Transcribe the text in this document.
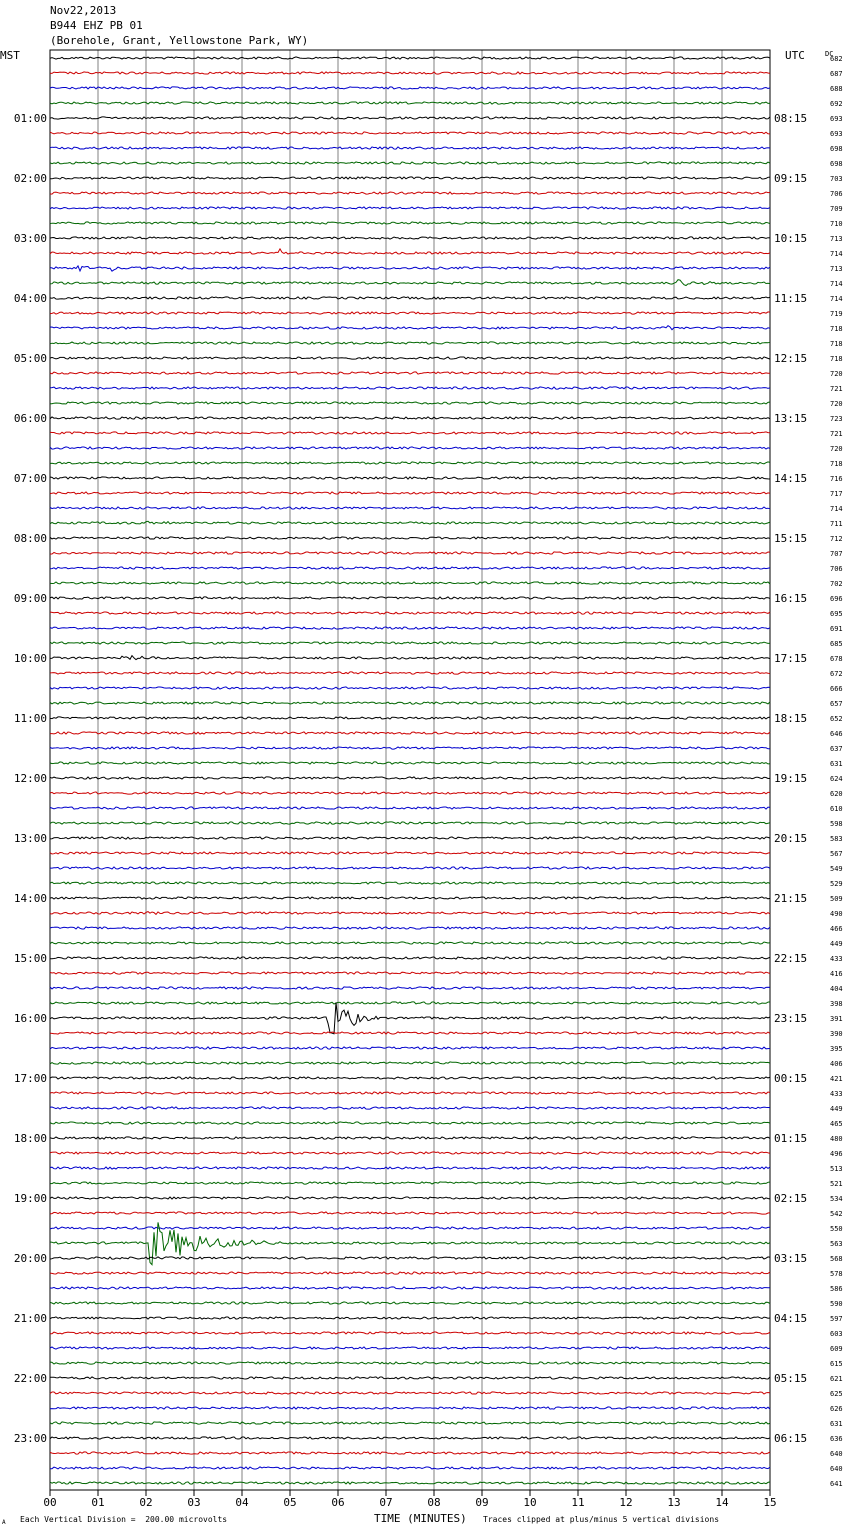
Nov22,2013
B944 EHZ PB 01
(Borehole, Grant, Yellowstone Park, WY)
MST	UTC	DC
00	01	02	03	04	05	06	07	08	09	10	11	12	13	14	15
682
687
688
692
693
693
698
698
703
706
709
710
713
714
713
714
714
719
718
718
718
720
721
720
723
721
720
718
716
717
714
711
712
707
706
702
696
695
691
685
678
672
666
657
652
646
637
631
624
620
610
598
583
567
549
529
509
490
466
449
433
416
404
398
391
390
395
406
421
433
449
465
480
496
513
521
534
542
550
563
568
578
586
590
597
603
609
615
621
625
626
631
636
640
640
641
01:00
02:00
03:00
04:00
05:00
06:00
07:00
08:00
09:00
10:00
11:00
12:00
13:00
14:00
15:00
16:00
17:00
18:00
19:00
20:00
21:00
22:00
23:00
08:15
09:15
10:15
11:15
12:15
13:15
14:15
15:15
16:15
17:15
18:15
19:15
20:15
21:15
22:15
23:15
00:15
01:15
02:15
03:15
04:15
05:15
06:15
Each Vertical Division =  200.00 microvolts	TIME (MINUTES) Traces clipped at plus/minus 5 vertical divisions
A
